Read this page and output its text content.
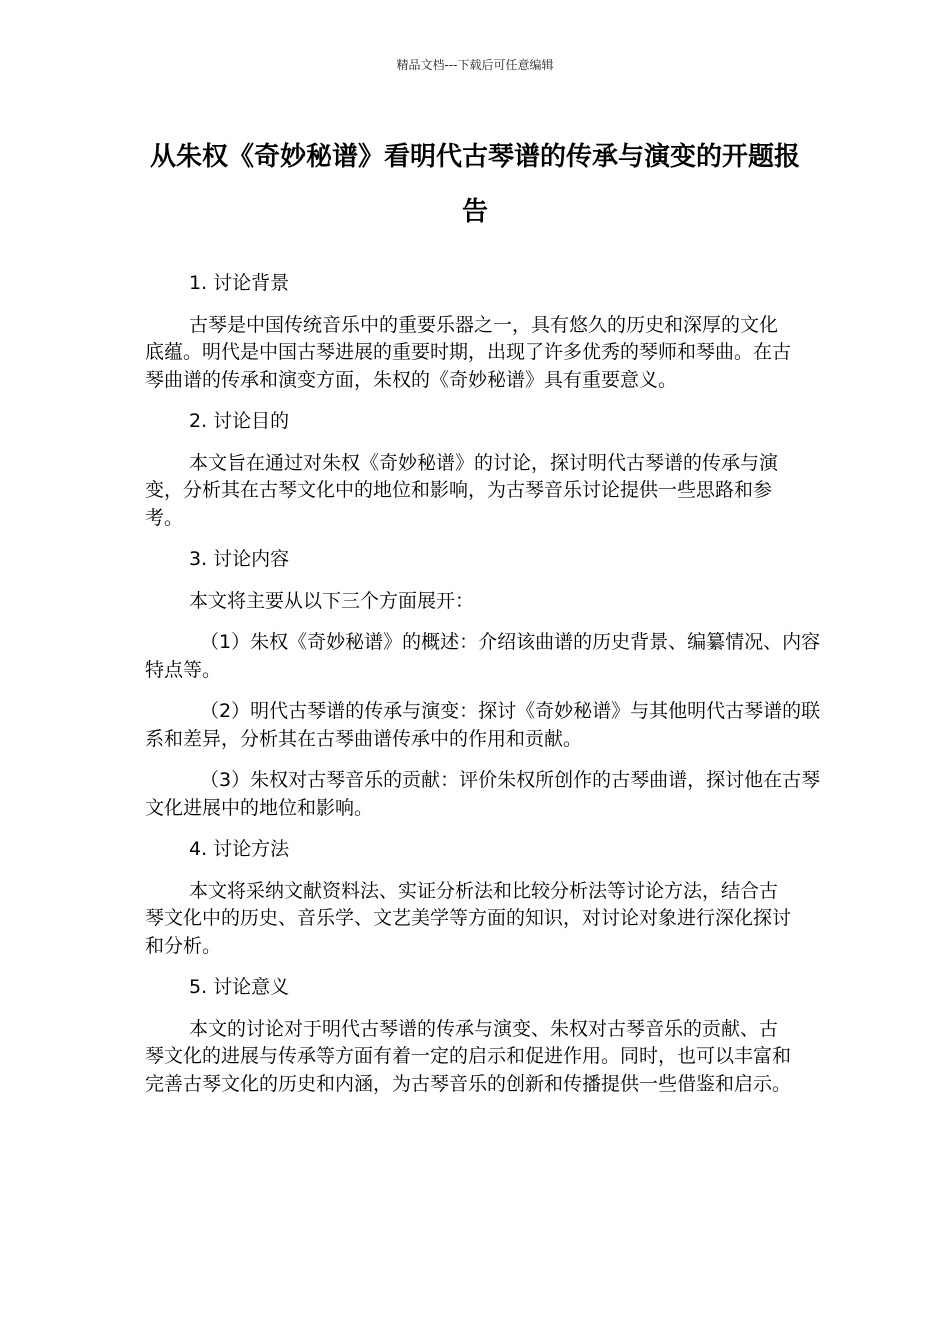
精品文档---下载后可任意编辑
从朱权《奇妙秘谱》看明代古琴谱的传承与演变的开题报告

1. 讨论背景

古琴是中国传统音乐中的重要乐器之一，具有悠久的历史和深厚的文化底蕴。明代是中国古琴进展的重要时期，出现了许多优秀的琴师和琴曲。在古琴曲谱的传承和演变方面，朱权的《奇妙秘谱》具有重要意义。

2. 讨论目的

本文旨在通过对朱权《奇妙秘谱》的讨论，探讨明代古琴谱的传承与演变，分析其在古琴文化中的地位和影响，为古琴音乐讨论提供一些思路和参考。

3. 讨论内容

本文将主要从以下三个方面展开：

（1）朱权《奇妙秘谱》的概述：介绍该曲谱的历史背景、编纂情况、内容特点等。

（2）明代古琴谱的传承与演变：探讨《奇妙秘谱》与其他明代古琴谱的联系和差异，分析其在古琴曲谱传承中的作用和贡献。

（3）朱权对古琴音乐的贡献：评价朱权所创作的古琴曲谱，探讨他在古琴文化进展中的地位和影响。

4. 讨论方法

本文将采纳文献资料法、实证分析法和比较分析法等讨论方法，结合古琴文化中的历史、音乐学、文艺美学等方面的知识，对讨论对象进行深化探讨和分析。

5. 讨论意义

本文的讨论对于明代古琴谱的传承与演变、朱权对古琴音乐的贡献、古琴文化的进展与传承等方面有着一定的启示和促进作用。同时，也可以丰富和完善古琴文化的历史和内涵，为古琴音乐的创新和传播提供一些借鉴和启示。
